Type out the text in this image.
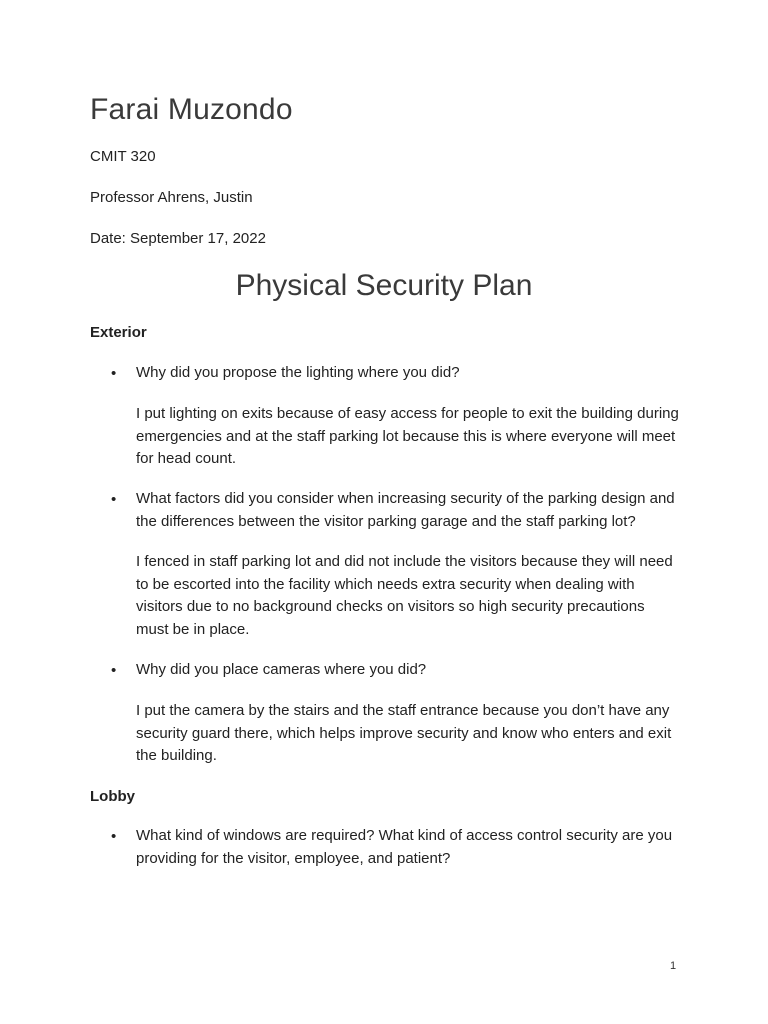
Farai Muzondo

CMIT 320

Professor Ahrens, Justin

Date: September 17, 2022

Physical Security Plan

Exterior

• Why did you propose the lighting where you did?

I put lighting on exits because of easy access for people to exit the building during emergencies and at the staff parking lot because this is where everyone will meet for head count.

• What factors did you consider when increasing security of the parking design and the differences between the visitor parking garage and the staff parking lot?

I fenced in staff parking lot and did not include the visitors because they will need to be escorted into the facility which needs extra security when dealing with visitors due to no background checks on visitors so high security precautions must be in place.

• Why did you place cameras where you did?

I put the camera by the stairs and the staff entrance because you don’t have any security guard there, which helps improve security and know who enters and exit the building.

Lobby

• What kind of windows are required? What kind of access control security are you providing for the visitor, employee, and patient?

1
